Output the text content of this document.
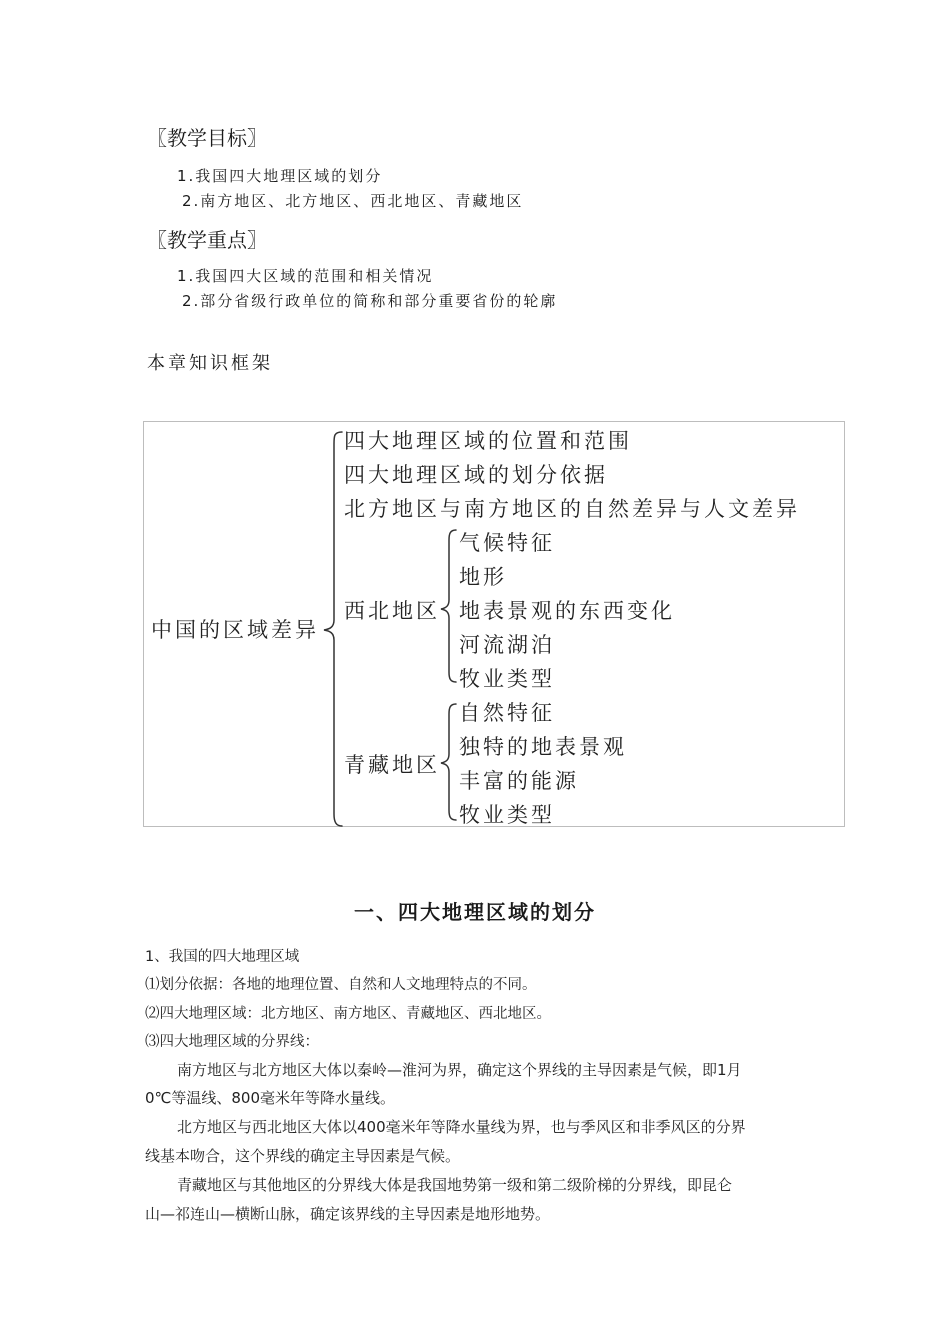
〖教学目标〗
1.我国四大地理区域的划分
2.南方地区、北方地区、西北地区、青藏地区
〖教学重点〗
1.我国四大区域的范围和相关情况
2.部分省级行政单位的简称和部分重要省份的轮廓
本章知识框架
中国的区域差异
四大地理区域的位置和范围
四大地理区域的划分依据
北方地区与南方地区的自然差异与人文差异
西北地区
气候特征
地形
地表景观的东西变化
河流湖泊
牧业类型
青藏地区
自然特征
独特的地表景观
丰富的能源
牧业类型
一、四大地理区域的划分
1、我国的四大地理区域
⑴划分依据：各地的地理位置、自然和人文地理特点的不同。
⑵四大地理区域：北方地区、南方地区、青藏地区、西北地区。
⑶四大地理区域的分界线：
南方地区与北方地区大体以秦岭—淮河为界，确定这个界线的主导因素是气候，即1月
0℃等温线、800毫米年等降水量线。
北方地区与西北地区大体以400毫米年等降水量线为界，也与季风区和非季风区的分界
线基本吻合，这个界线的确定主导因素是气候。
青藏地区与其他地区的分界线大体是我国地势第一级和第二级阶梯的分界线，即昆仑
山—祁连山—横断山脉，确定该界线的主导因素是地形地势。
